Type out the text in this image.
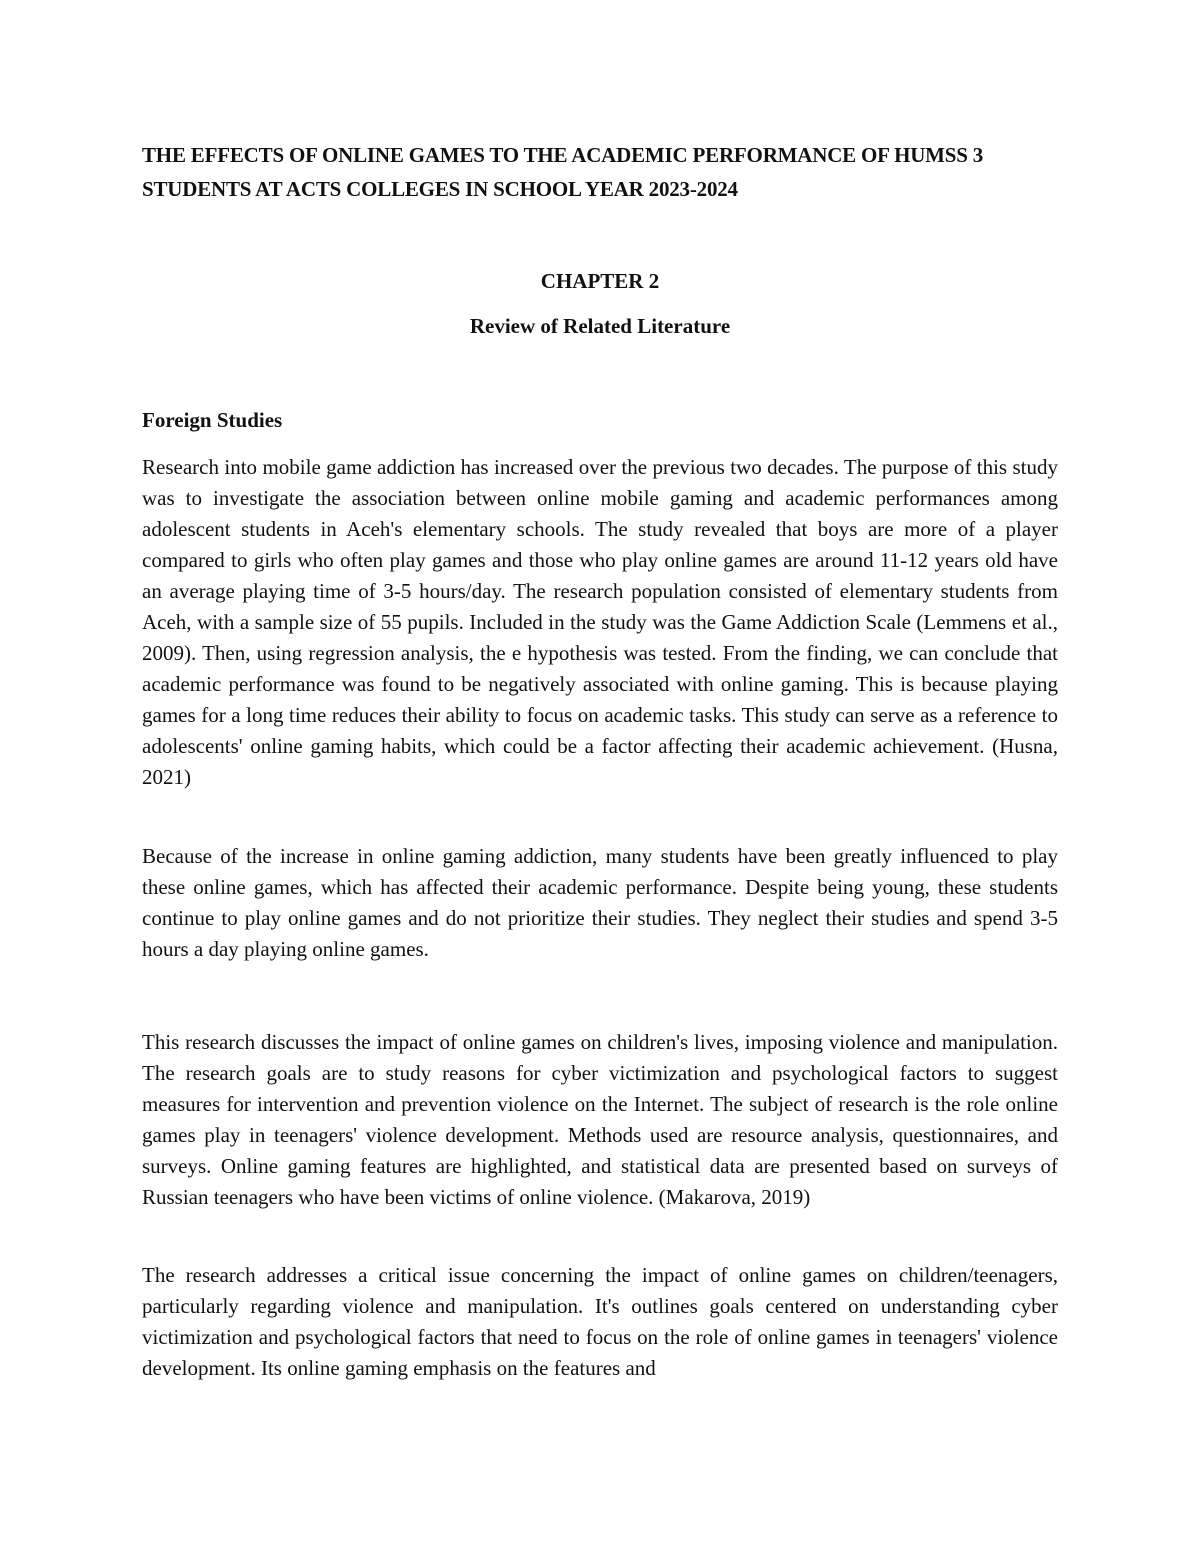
THE EFFECTS OF ONLINE GAMES TO THE ACADEMIC PERFORMANCE OF HUMSS 3 STUDENTS AT ACTS COLLEGES IN SCHOOL YEAR 2023-2024
CHAPTER 2
Review of Related Literature
Foreign Studies

Research into mobile game addiction has increased over the previous two decades. The purpose of this study was to investigate the association between online mobile gaming and academic performances among adolescent students in Aceh's elementary schools. The study revealed that boys are more of a player compared to girls who often play games and those who play online games are around 11-12 years old have an average playing time of 3-5 hours/day. The research population consisted of elementary students from Aceh, with a sample size of 55 pupils. Included in the study was the Game Addiction Scale (Lemmens et al., 2009). Then, using regression analysis, the e hypothesis was tested. From the finding, we can conclude that academic performance was found to be negatively associated with online gaming. This is because playing games for a long time reduces their ability to focus on academic tasks. This study can serve as a reference to adolescents' online gaming habits, which could be a factor affecting their academic achievement. (Husna, 2021)

Because of the increase in online gaming addiction, many students have been greatly influenced to play these online games, which has affected their academic performance. Despite being young, these students continue to play online games and do not prioritize their studies. They neglect their studies and spend 3-5 hours a day playing online games.

This research discusses the impact of online games on children's lives, imposing violence and manipulation. The research goals are to study reasons for cyber victimization and psychological factors to suggest measures for intervention and prevention violence on the Internet. The subject of research is the role online games play in teenagers' violence development. Methods used are resource analysis, questionnaires, and surveys. Online gaming features are highlighted, and statistical data are presented based on surveys of Russian teenagers who have been victims of online violence. (Makarova, 2019)

The research addresses a critical issue concerning the impact of online games on children/teenagers, particularly regarding violence and manipulation. It's outlines goals centered on understanding cyber victimization and psychological factors that need to focus on the role of online games in teenagers' violence development. Its online gaming emphasis on the features and
